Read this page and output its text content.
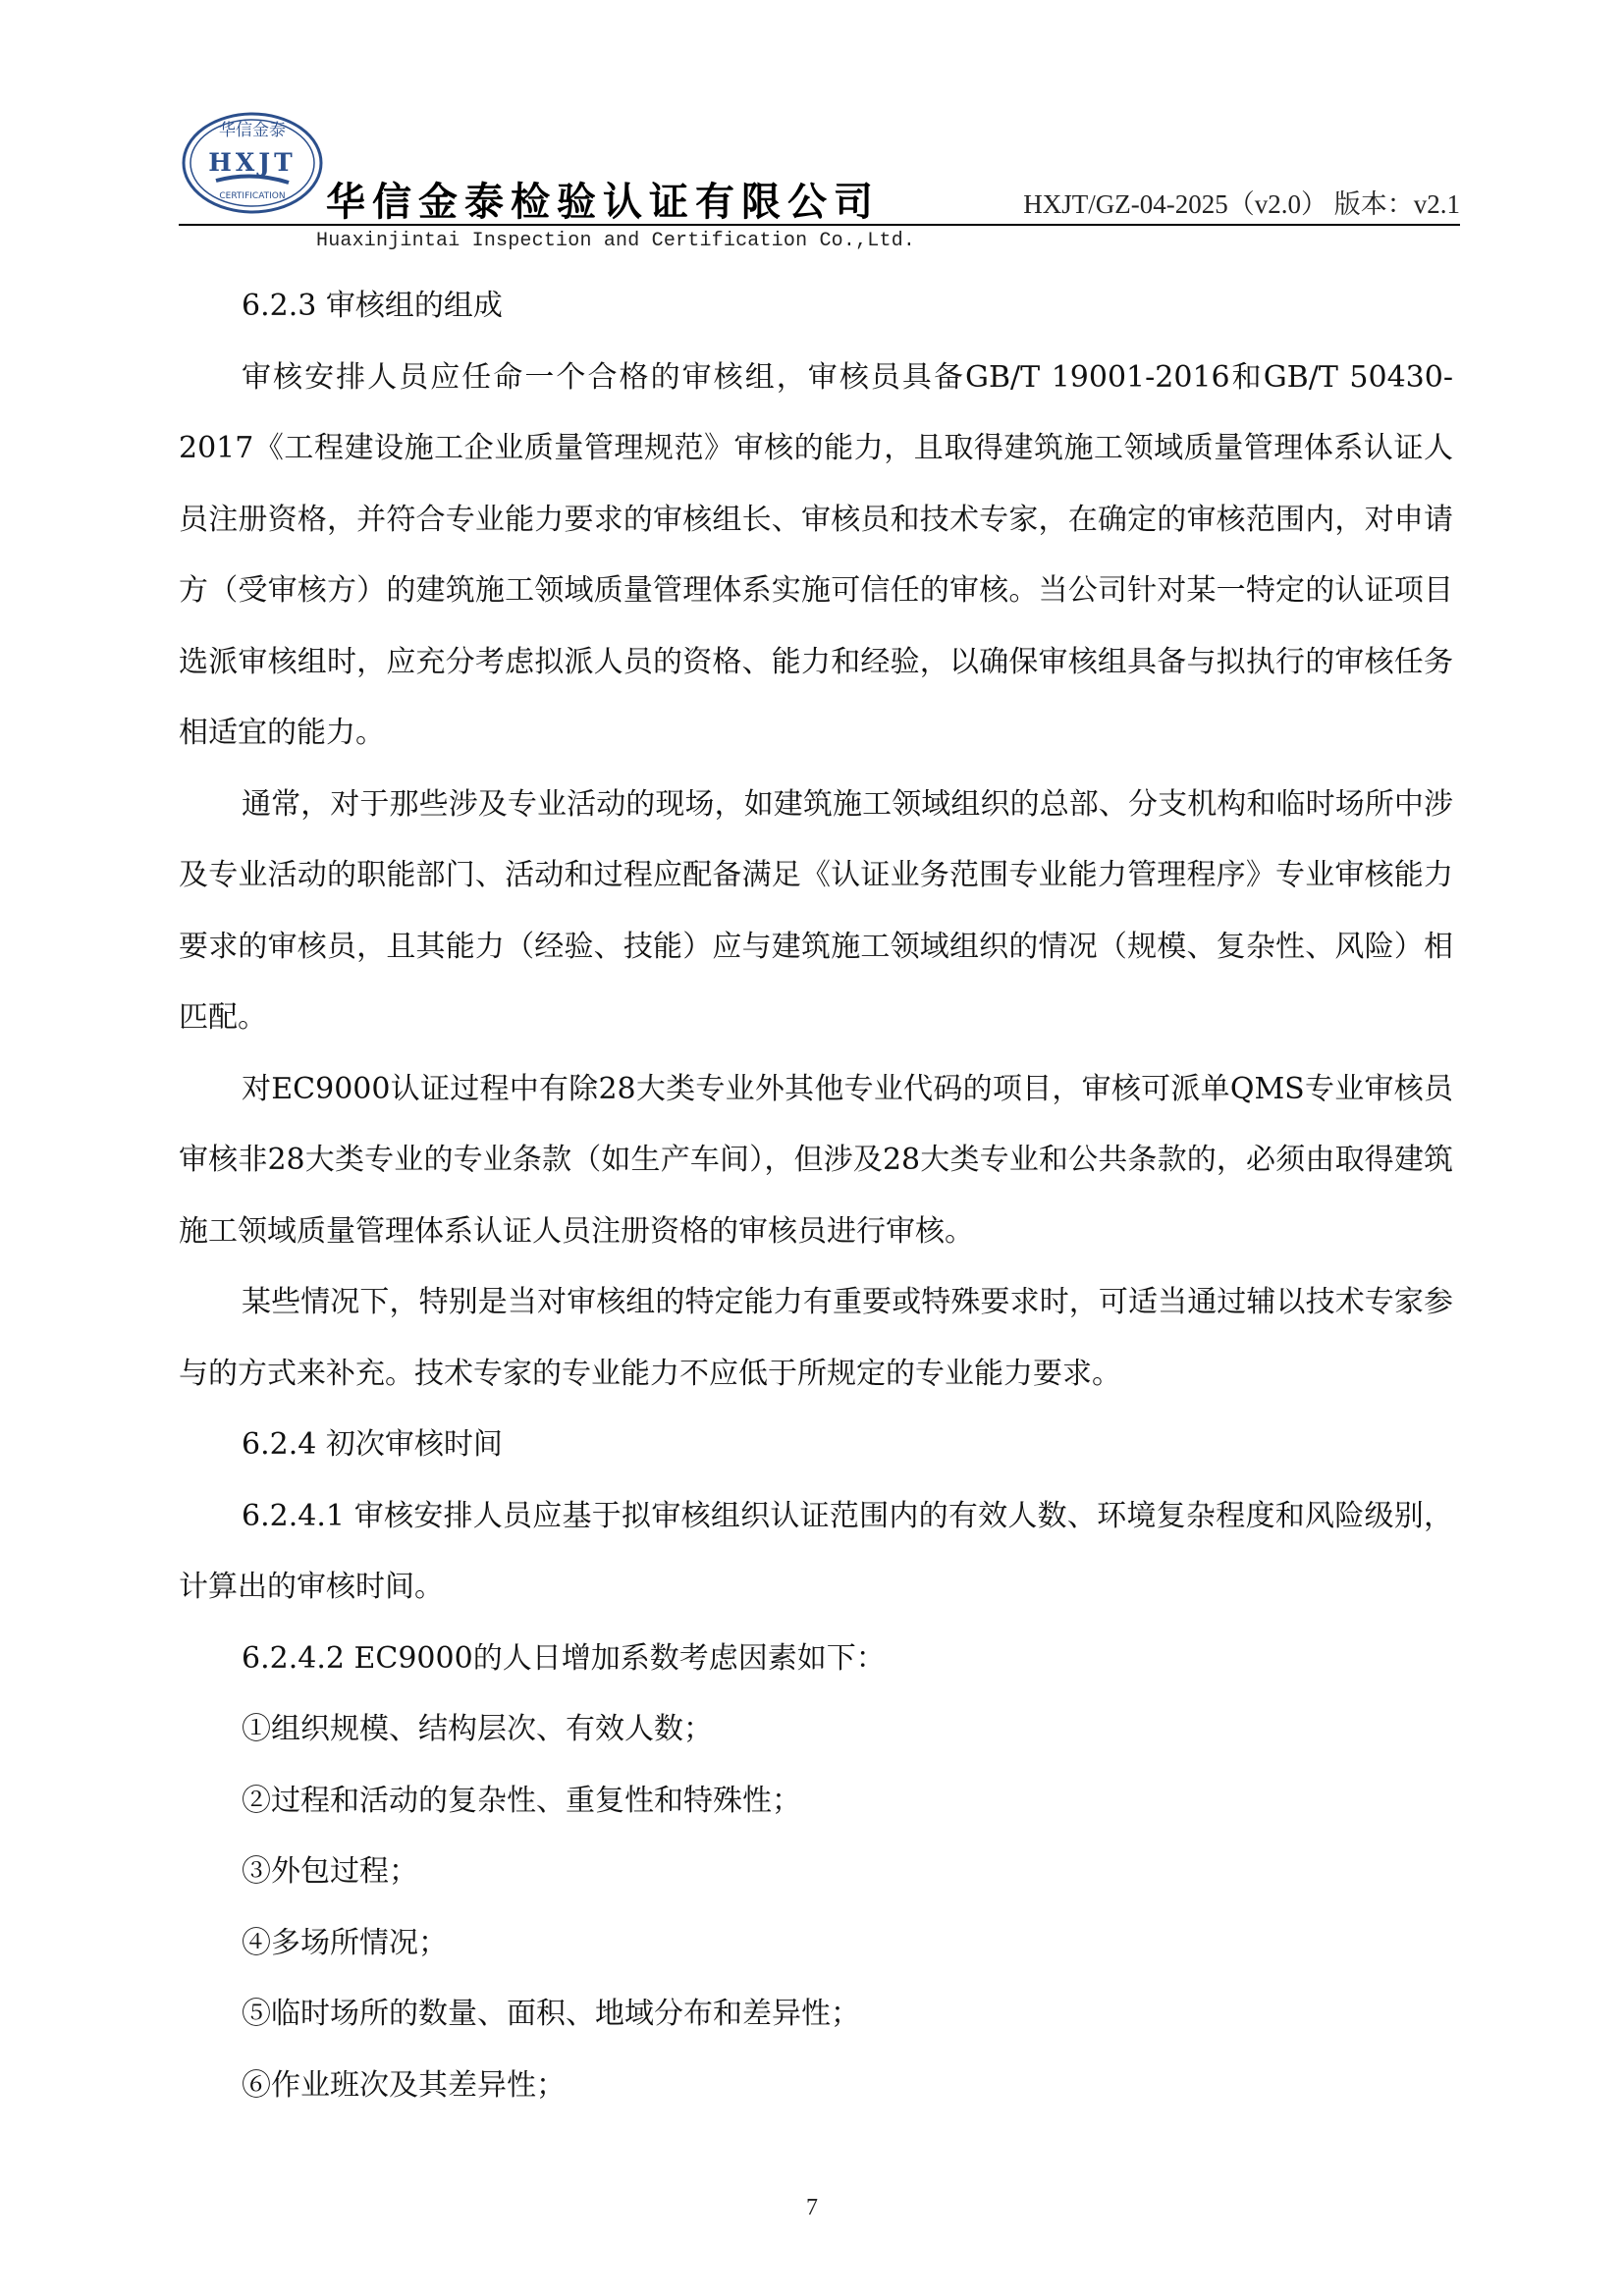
华信金泰
HXJT
CERTIFICATION 华信金泰检验认证有限公司	HXJT/GZ-04-2025（v2.0） 版本：v2.1
Huaxinjintai Inspection and Certification Co.,Ltd.

6.2.3 审核组的组成

审核安排人员应任命一个合格的审核组，审核员具备GB/T 19001-2016和GB/T 50430-2017《工程建设施工企业质量管理规范》审核的能力，且取得建筑施工领域质量管理体系认证人员注册资格，并符合专业能力要求的审核组长、审核员和技术专家，在确定的审核范围内，对申请方（受审核方）的建筑施工领域质量管理体系实施可信任的审核。当公司针对某一特定的认证项目选派审核组时，应充分考虑拟派人员的资格、能力和经验，以确保审核组具备与拟执行的审核任务相适宜的能力。

通常，对于那些涉及专业活动的现场，如建筑施工领域组织的总部、分支机构和临时场所中涉及专业活动的职能部门、活动和过程应配备满足《认证业务范围专业能力管理程序》专业审核能力要求的审核员，且其能力（经验、技能）应与建筑施工领域组织的情况（规模、复杂性、风险）相匹配。

对EC9000认证过程中有除28大类专业外其他专业代码的项目，审核可派单QMS专业审核员审核非28大类专业的专业条款（如生产车间），但涉及28大类专业和公共条款的，必须由取得建筑施工领域质量管理体系认证人员注册资格的审核员进行审核。

某些情况下，特别是当对审核组的特定能力有重要或特殊要求时，可适当通过辅以技术专家参与的方式来补充。技术专家的专业能力不应低于所规定的专业能力要求。

6.2.4 初次审核时间

6.2.4.1 审核安排人员应基于拟审核组织认证范围内的有效人数、环境复杂程度和风险级别，计算出的审核时间。

6.2.4.2 EC9000的人日增加系数考虑因素如下：

①组织规模、结构层次、有效人数；

②过程和活动的复杂性、重复性和特殊性；

③外包过程；

④多场所情况；

⑤临时场所的数量、面积、地域分布和差异性；

⑥作业班次及其差异性；

7
